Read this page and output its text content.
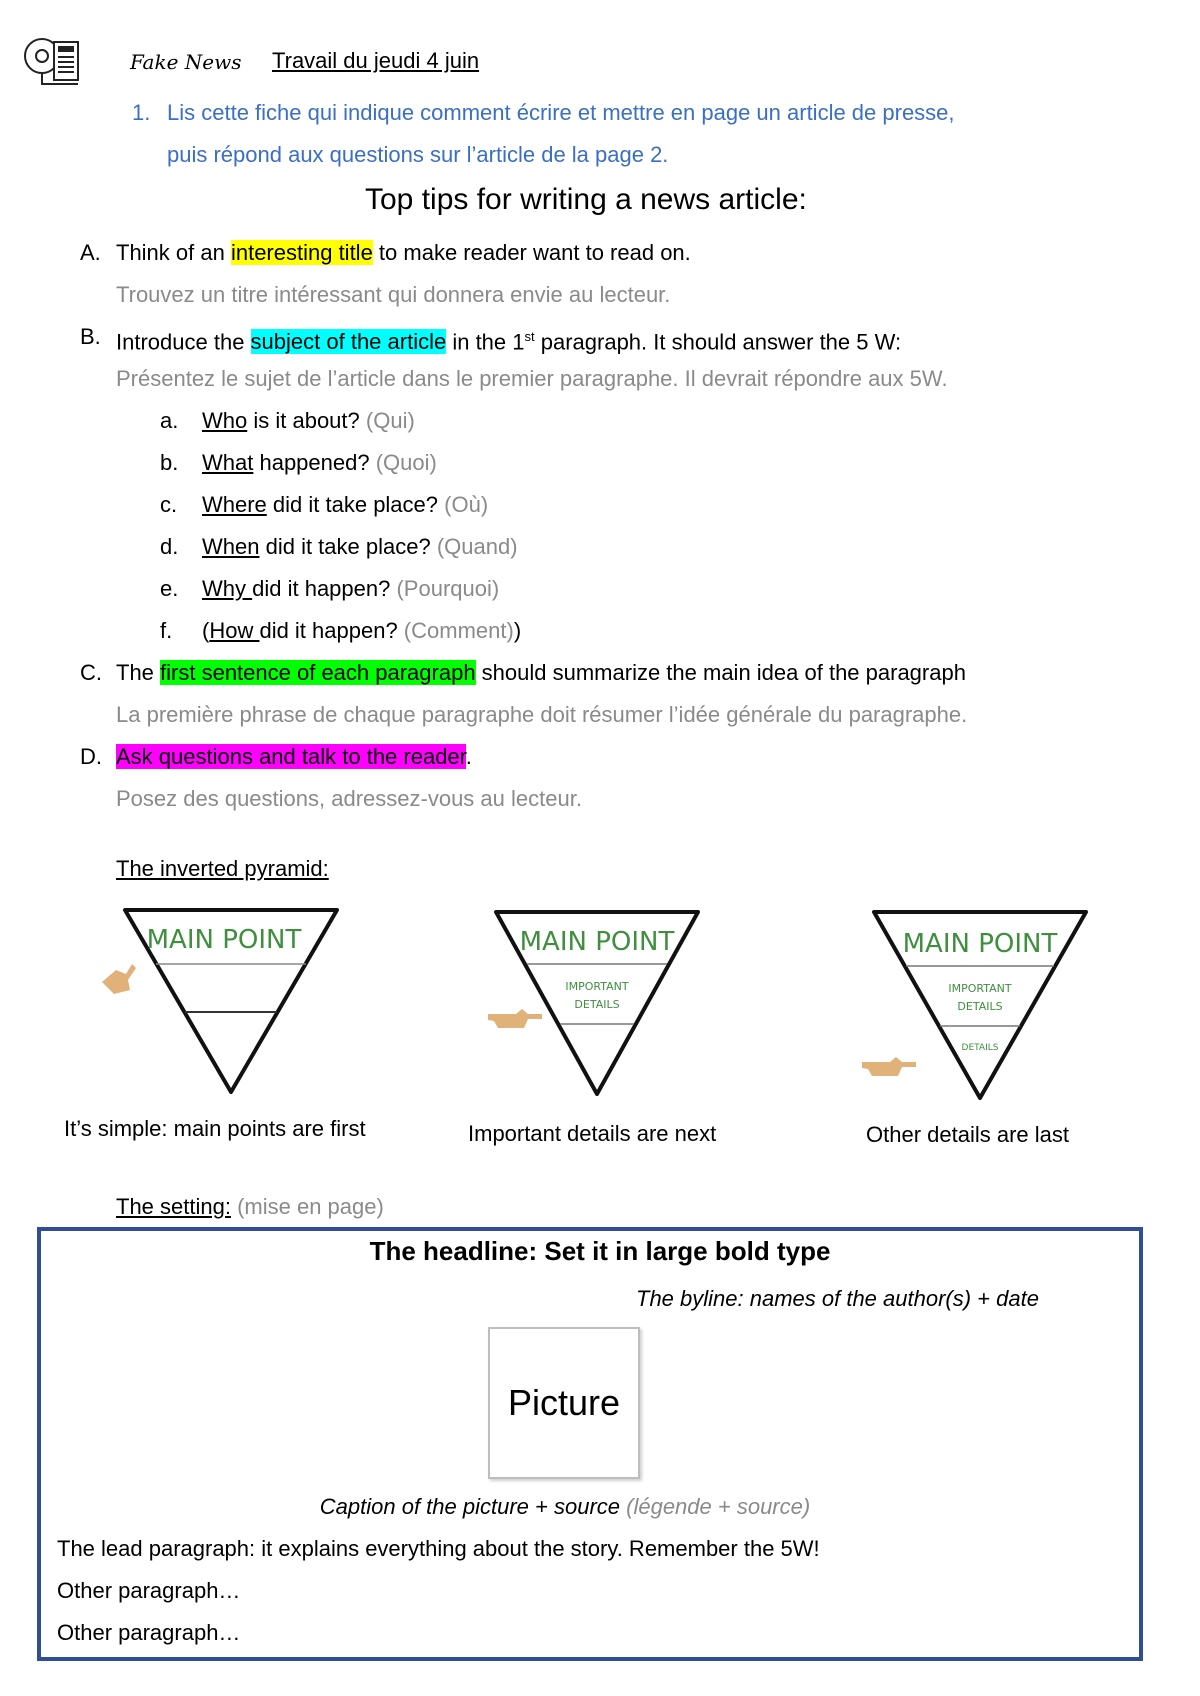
Fake News Travail du jeudi 4 juin
1. Lis cette fiche qui indique comment écrire et mettre en page un article de presse,
puis répond aux questions sur l’article de la page 2.
Top tips for writing a news article:
A. Think of an interesting title to make reader want to read on.
Trouvez un titre intéressant qui donnera envie au lecteur.
B. Introduce the subject of the article in the 1st paragraph. It should answer the 5 W:
Présentez le sujet de l’article dans le premier paragraphe. Il devrait répondre aux 5W.
a. Who is it about? (Qui)
b. What happened? (Quoi)
c. Where did it take place? (Où)
d. When did it take place? (Quand)
e. Why did it happen? (Pourquoi)
f. (How did it happen? (Comment))
C. The first sentence of each paragraph should summarize the main idea of the paragraph
La première phrase de chaque paragraphe doit résumer l’idée générale du paragraphe.
D. Ask questions and talk to the reader.
Posez des questions, adressez-vous au lecteur.
The inverted pyramid:
MAIN POINT
It’s simple: main points are first
MAIN POINT
IMPORTANT
DETAILS
Important details are next
MAIN POINT
IMPORTANT
DETAILS
DETAILS
Other details are last
The setting: (mise en page)
The headline: Set it in large bold type
The byline: names of the author(s) + date
Picture
Caption of the picture + source (légende + source)
The lead paragraph: it explains everything about the story. Remember the 5W!
Other paragraph…
Other paragraph…
